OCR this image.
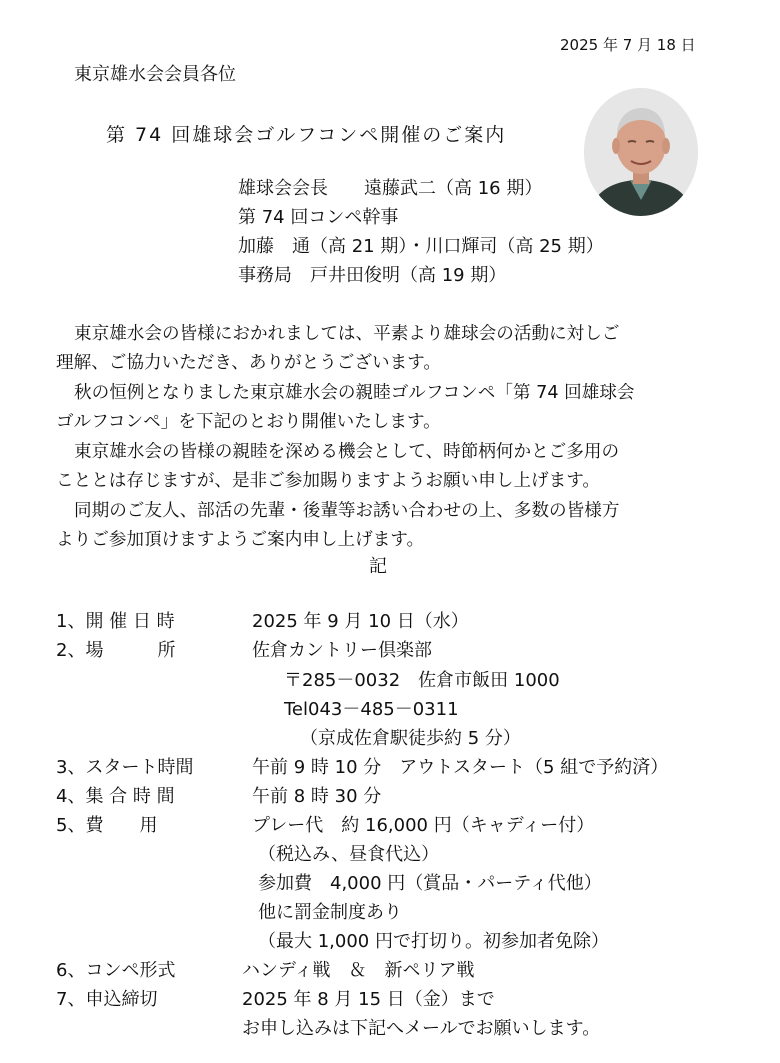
2025 年 7 月 18 日
東京雄水会会員各位
第 74 回雄球会ゴルフコンペ開催のご案内
雄球会会長　　遠藤武二（高 16 期）
第 74 回コンペ幹事
加藤　通（高 21 期）・川口輝司（高 25 期）
事務局　戸井田俊明（高 19 期）
東京雄水会の皆様におかれましては、平素より雄球会の活動に対しご
理解、ご協力いただき、ありがとうございます。
秋の恒例となりました東京雄水会の親睦ゴルフコンペ「第 74 回雄球会
ゴルフコンペ」を下記のとおり開催いたします。
東京雄水会の皆様の親睦を深める機会として、時節柄何かとご多用の
こととは存じますが、是非ご参加賜りますようお願い申し上げます。
同期のご友人、部活の先輩・後輩等お誘い合わせの上、多数の皆様方
よりご参加頂けますようご案内申し上げます。
記
1、開 催 日 時	2025 年 9 月 10 日（水）
2、場　　　所	佐倉カントリー倶楽部
〒285－0032　佐倉市飯田 1000
Tel043－485－0311
（京成佐倉駅徒歩約 5 分）
3、スタート時間	午前 9 時 10 分　アウトスタート（5 組で予約済）
4、集 合 時 間	午前 8 時 30 分
5、費　　用	プレー代　約 16,000 円（キャディー付）
（税込み、昼食代込）
参加費　4,000 円（賞品・パーティ代他）
他に罰金制度あり
（最大 1,000 円で打切り。初参加者免除）
6、コンペ形式	ハンディ戦　＆　新ペリア戦
7、申込締切	2025 年 8 月 15 日（金）まで
お申し込みは下記へメールでお願いします。
